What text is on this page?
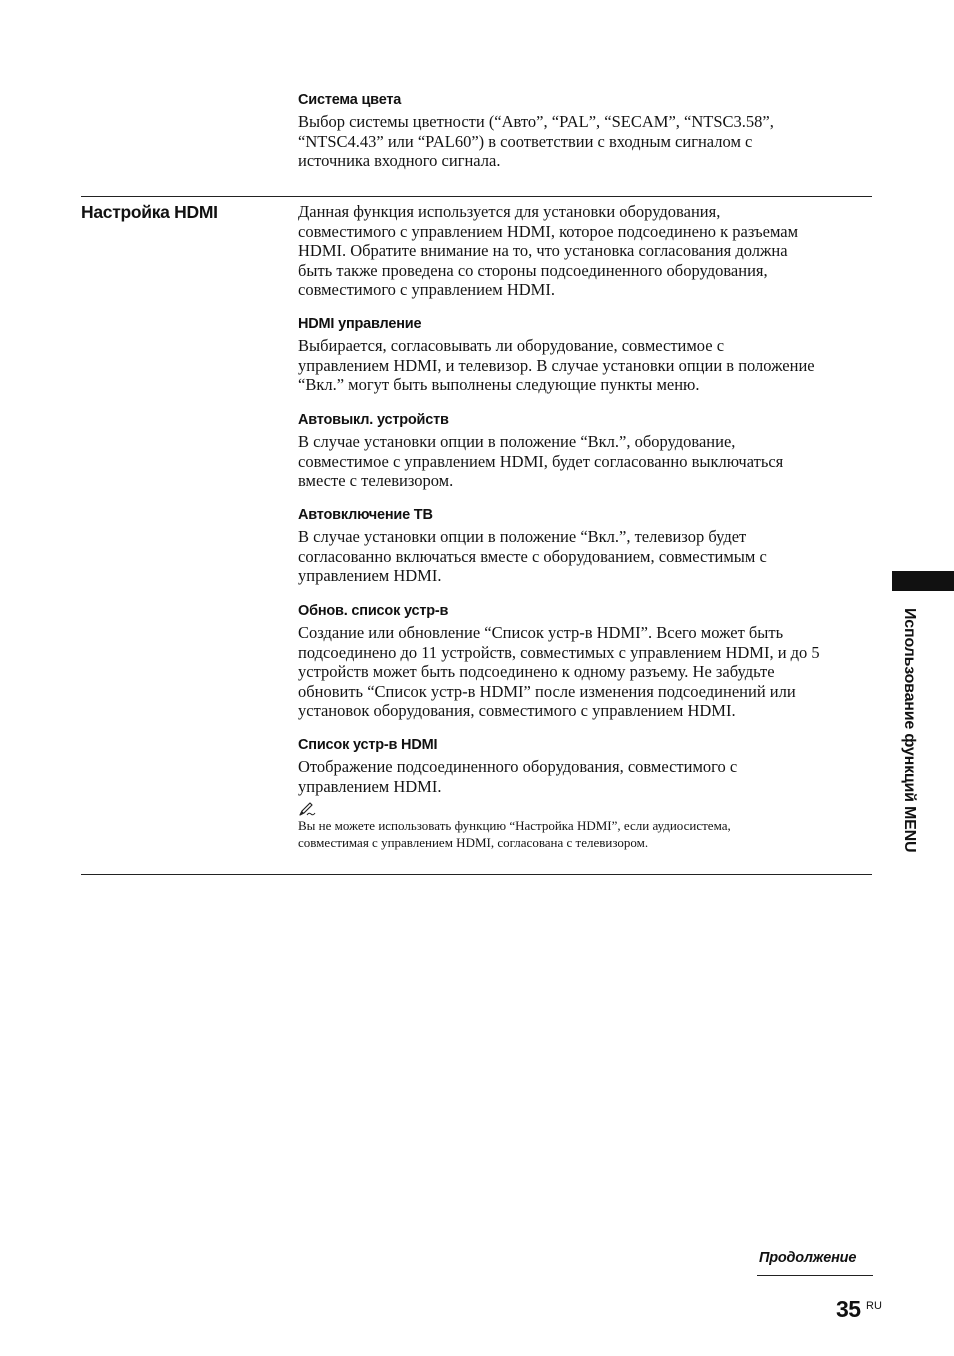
Система цвета
Выбор системы цветности (“Авто”, “PAL”, “SECAM”, “NTSC3.58”,
“NTSC4.43” или “PAL60”) в соответствии с входным сигналом с
источника входного сигнала.
Настройка HDMI	Данная функция используется для установки оборудования,
совместимого с управлением HDMI, которое подсоединено к разъемам
HDMI. Обратите внимание на то, что установка согласования должна
быть также проведена со стороны подсоединенного оборудования,
совместимого с управлением HDMI.
HDMI управление
Выбирается, согласовывать ли оборудование, совместимое с
управлением HDMI, и телевизор. В случае установки опции в положение
“Вкл.” могут быть выполнены следующие пункты меню.
Автовыкл. устройств
В случае установки опции в положение “Вкл.”, оборудование,
совместимое с управлением HDMI, будет согласованно выключаться
вместе с телевизором.
Автовключение ТВ
В случае установки опции в положение “Вкл.”, телевизор будет
согласованно включаться вместе с оборудованием, совместимым с
управлением HDMI.
Обнов. список устр-в
Создание или обновление “Список устр-в HDMI”. Всего может быть
подсоединено до 11 устройств, совместимых с управлением HDMI, и до 5
устройств может быть подсоединено к одному разъему. Не забудьте
обновить “Список устр-в HDMI” после изменения подсоединений или
установок оборудования, совместимого с управлением HDMI.
Список устр-в HDMI
Отображение подсоединенного оборудования, совместимого с
управлением HDMI.
Вы не можете использовать функцию “Настройка HDMI”, если аудиосистема,
совместимая с управлением HDMI, согласована с телевизором.	Использование функций MENU
Продолжение
35 RU
